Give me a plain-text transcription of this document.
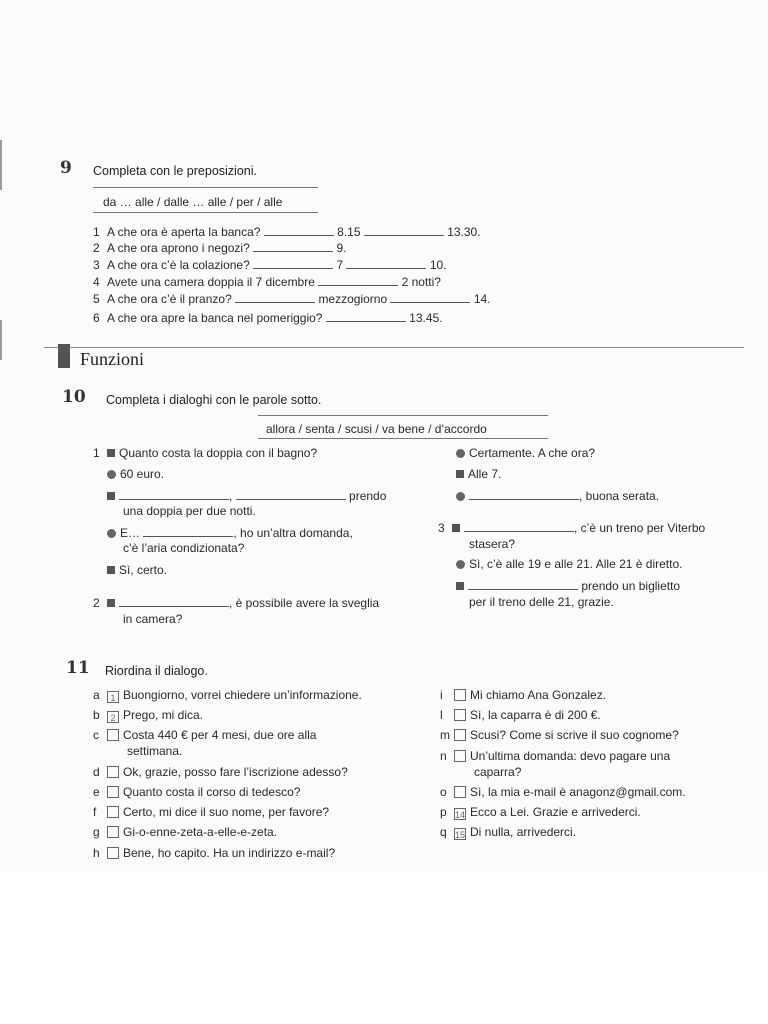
9 Completa con le preposizioni.
da … alle / dalle … alle / per / alle
1 A che ora è aperta la banca?	8.15	13.30.
2 A che ora aprono i negozi?	9.
3 A che ora c’è la colazione?	7	10.
4 Avete una camera doppia il 7 dicembre	2 notti?
5 A che ora c’è il pranzo?	mezzogiorno	14.
6 A che ora apre la banca nel pomeriggio?	13.45.
Funzioni
10 Completa i dialoghi con le parole sotto.
allora / senta / scusi / va bene / d’accordo
1 Quanto costa la doppia con il bagno?
60 euro.
,	prendo
una doppia per due notti.
E…	, ho un’altra domanda,
c’è l’aria condizionata?
Sì, certo.
Certamente. A che ora?
Alle 7.
, buona serata.
3	, c’è un treno per Viterbo
stasera?
Sì, c’è alle 19 e alle 21. Alle 21 è diretto.
prendo un biglietto
per il treno delle 21, grazie.
2	, è possibile avere la sveglia
in camera?
11 Riordina il dialogo.
a 1 Buongiorno, vorrei chiedere un’informazione.
b 2 Prego, mi dica.
c Costa 440 € per 4 mesi, due ore alla
settimana.
d Ok, grazie, posso fare l’iscrizione adesso?
e Quanto costa il corso di tedesco?
f Certo, mi dice il suo nome, per favore?
g Gi-o-enne-zeta-a-elle-e-zeta.
h Bene, ho capito. Ha un indirizzo e-mail?
i Mi chiamo Ana Gonzalez.
l Sì, la caparra è di 200 €.
m Scusi? Come si scrive il suo cognome?
n Un’ultima domanda: devo pagare una
caparra?
o Sì, la mia e-mail è anagonz@gmail.com.
p 14 Ecco a Lei. Grazie e arrivederci.
q 15 Di nulla, arrivederci.
